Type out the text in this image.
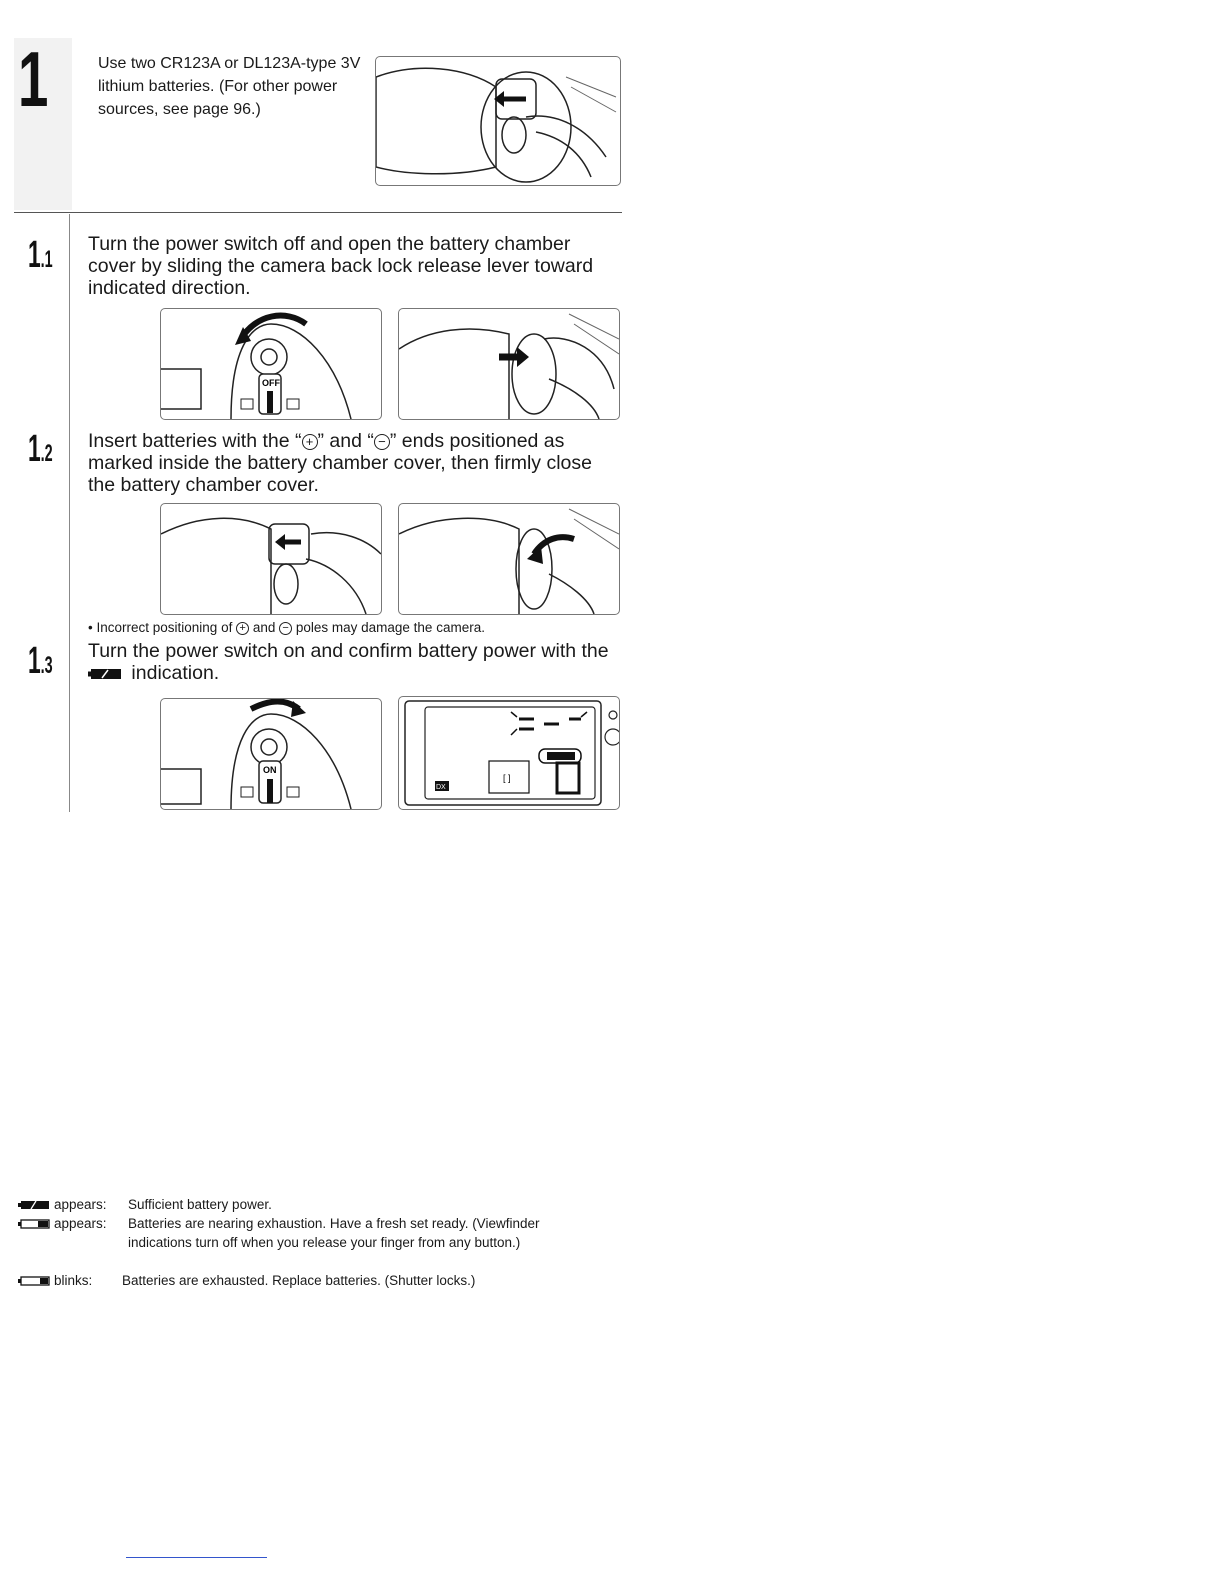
1	Use two CR123A or DL123A-type 3V lithium batteries. (For other power sources, see page 96.)
1.1
Turn the power switch off and open the battery chamber cover by sliding the camera back lock release lever toward indicated direction.
OFF
1.2 Insert batteries with the “ + ” and “ − ” ends positioned as marked inside the battery chamber cover, then firmly close the battery chamber cover.
• Incorrect positioning of + and − poles may damage the camera.
1.3
Turn the power switch on and confirm battery power with the  indication.
ON
[ ]
DX
appears: Sufficient battery power.
appears: Batteries are nearing exhaustion. Have a fresh set ready. (Viewfinder indications turn off when you release your finger from any button.)
blinks: Batteries are exhausted. Replace batteries. (Shutter locks.)
